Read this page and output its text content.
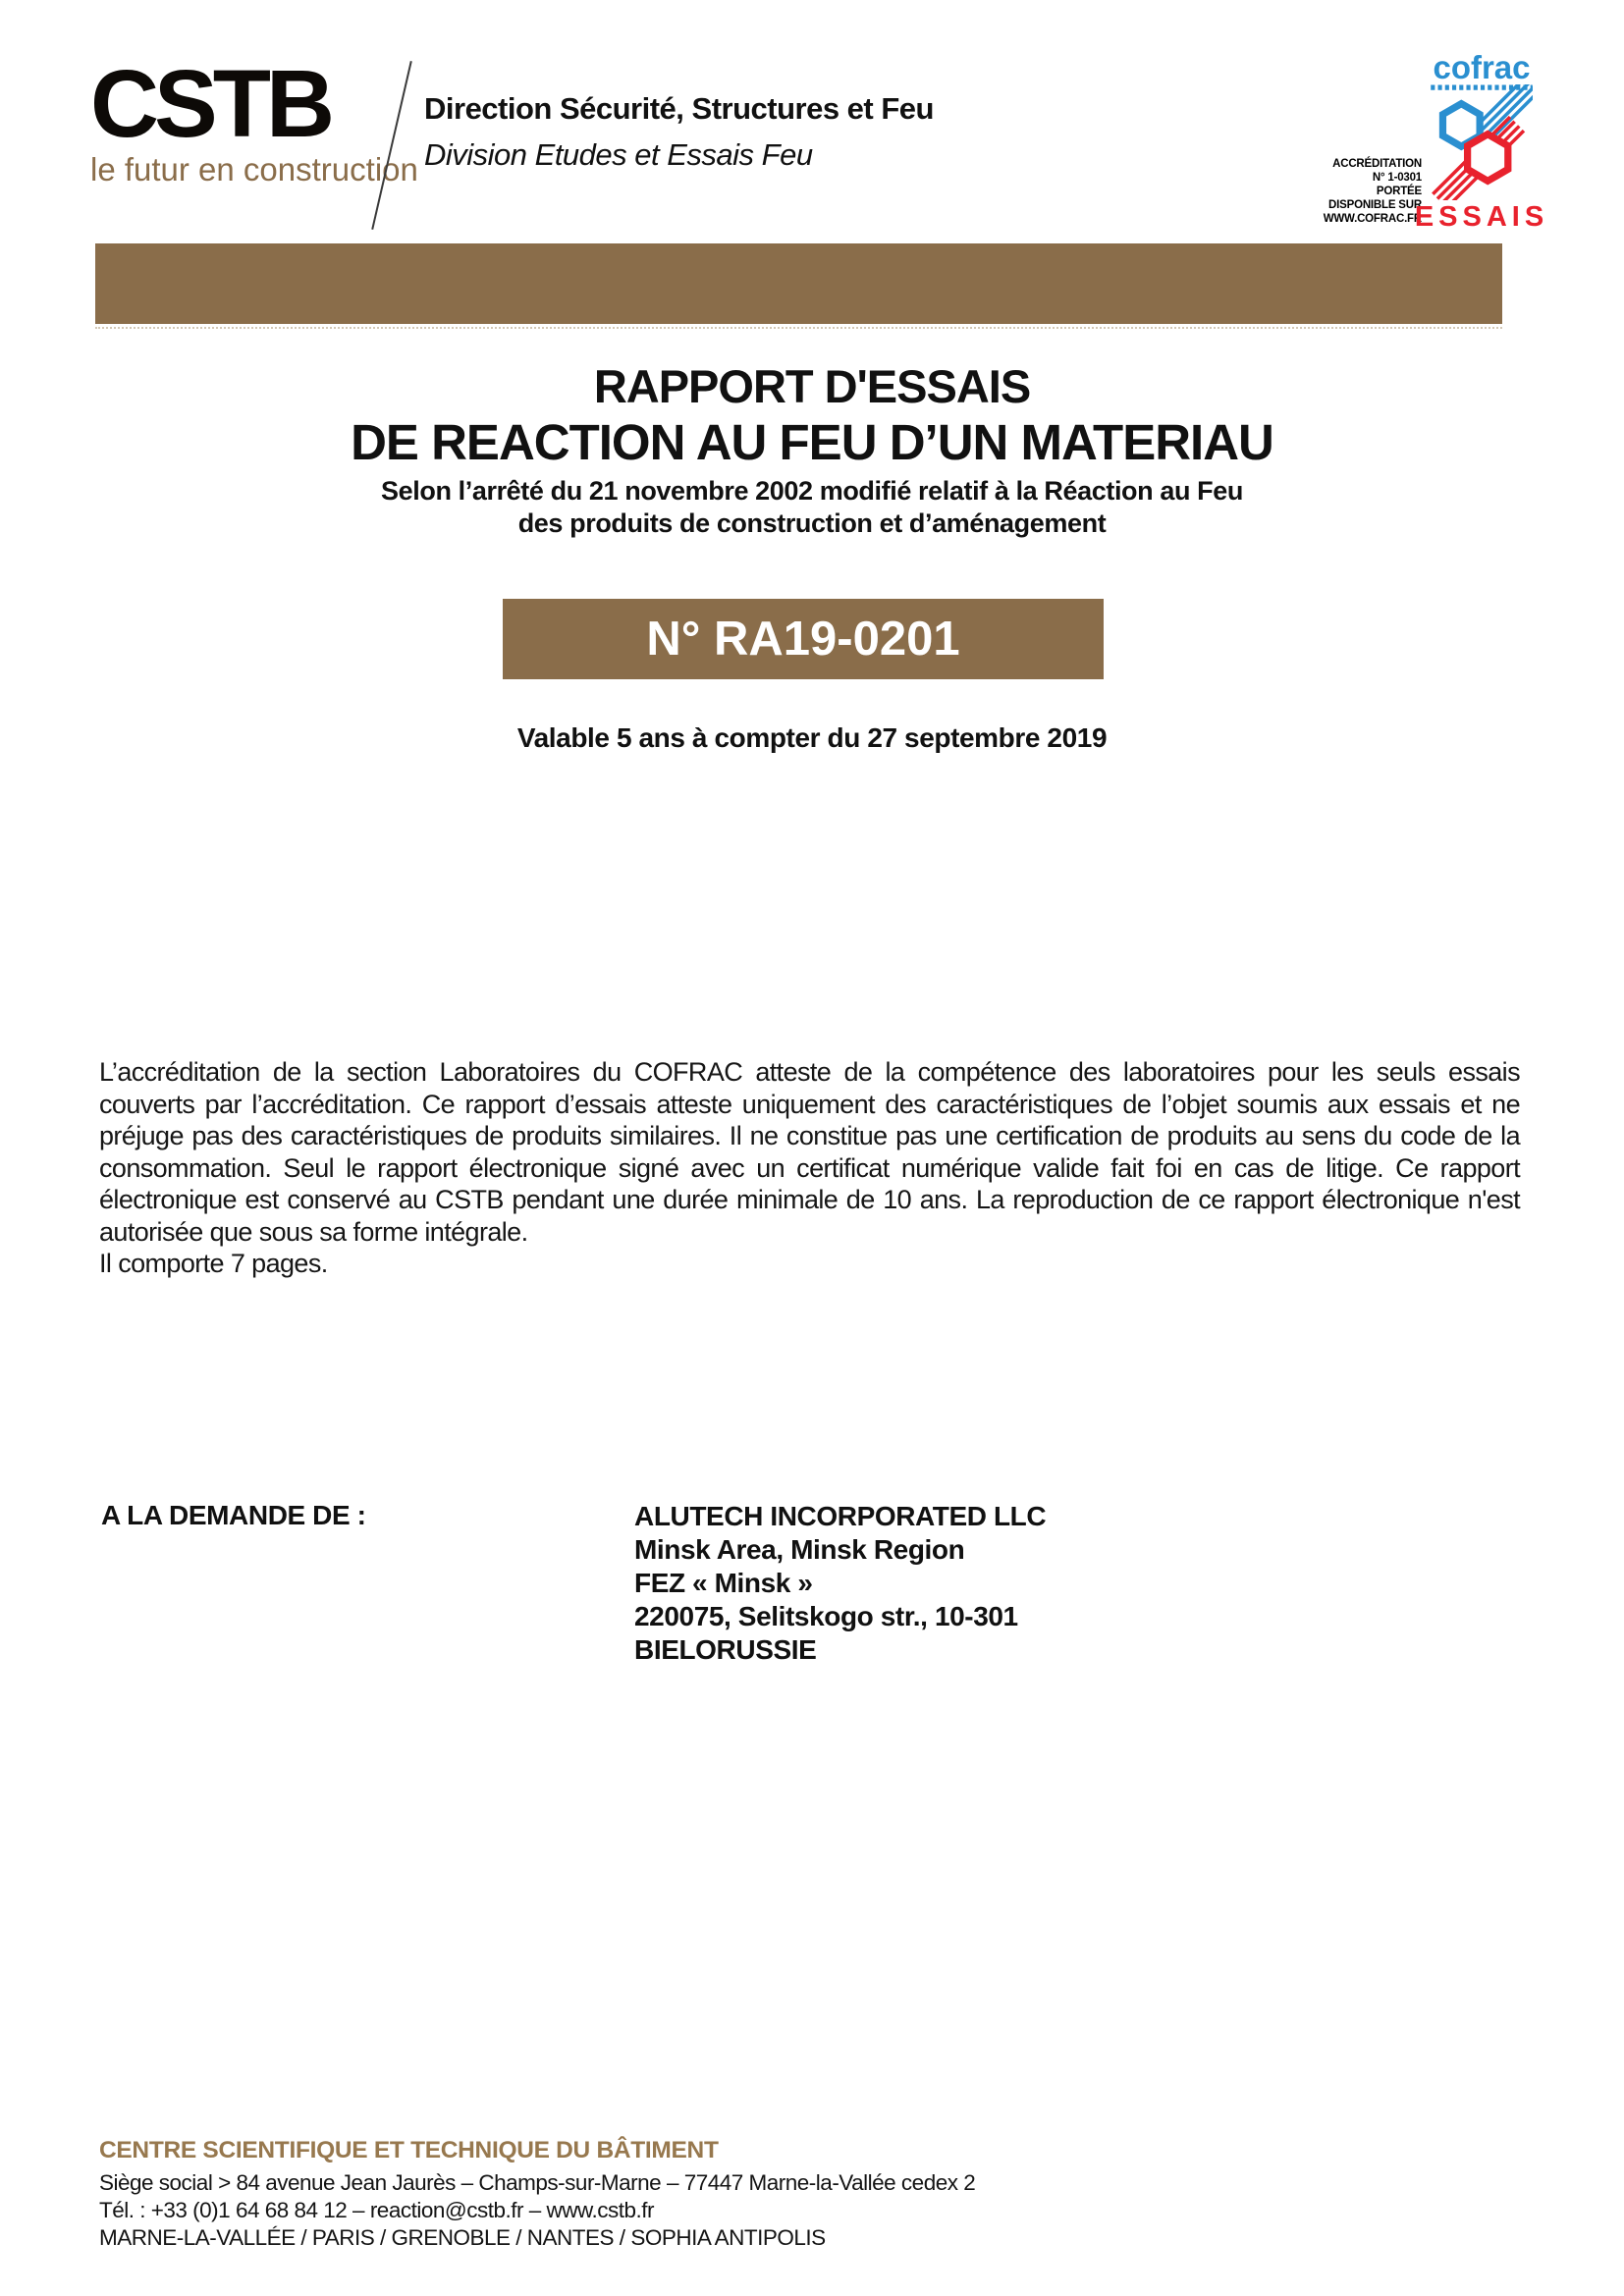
CSTB
le futur en construction
Direction Sécurité, Structures et Feu
Division Etudes et Essais Feu	ACCRÉDITATION
N° 1-0301
PORTÉE
DISPONIBLE SUR
WWW.COFRAC.FR
cofrac
ESSAIS
RAPPORT D'ESSAIS
DE REACTION AU FEU D’UN MATERIAU
Selon l’arrêté du 21 novembre 2002 modifié relatif à la Réaction au Feu
des produits de construction et d’aménagement
N° RA19-0201
Valable 5 ans à compter du 27 septembre 2019
L’accréditation de la section Laboratoires du COFRAC atteste de la compétence des laboratoires pour les seuls essais couverts par l’accréditation. Ce rapport d’essais atteste uniquement des caractéristiques de l’objet soumis aux essais et ne préjuge pas des caractéristiques de produits similaires. Il ne constitue pas une certification de produits au sens du code de la consommation. Seul le rapport électronique signé avec un certificat numérique valide fait foi en cas de litige. Ce rapport électronique est conservé au CSTB pendant une durée minimale de 10 ans. La reproduction de ce rapport électronique n'est autorisée que sous sa forme intégrale.
Il comporte 7 pages.
A LA DEMANDE DE :	ALUTECH INCORPORATED LLC
Minsk Area, Minsk Region
FEZ « Minsk »
220075, Selitskogo str., 10-301
BIELORUSSIE
CENTRE SCIENTIFIQUE ET TECHNIQUE DU BÂTIMENT
Siège social > 84 avenue Jean Jaurès – Champs-sur-Marne – 77447 Marne-la-Vallée cedex 2
Tél. : +33 (0)1 64 68 84 12 – reaction@cstb.fr – www.cstb.fr
MARNE-LA-VALLÉE / PARIS / GRENOBLE / NANTES / SOPHIA ANTIPOLIS
